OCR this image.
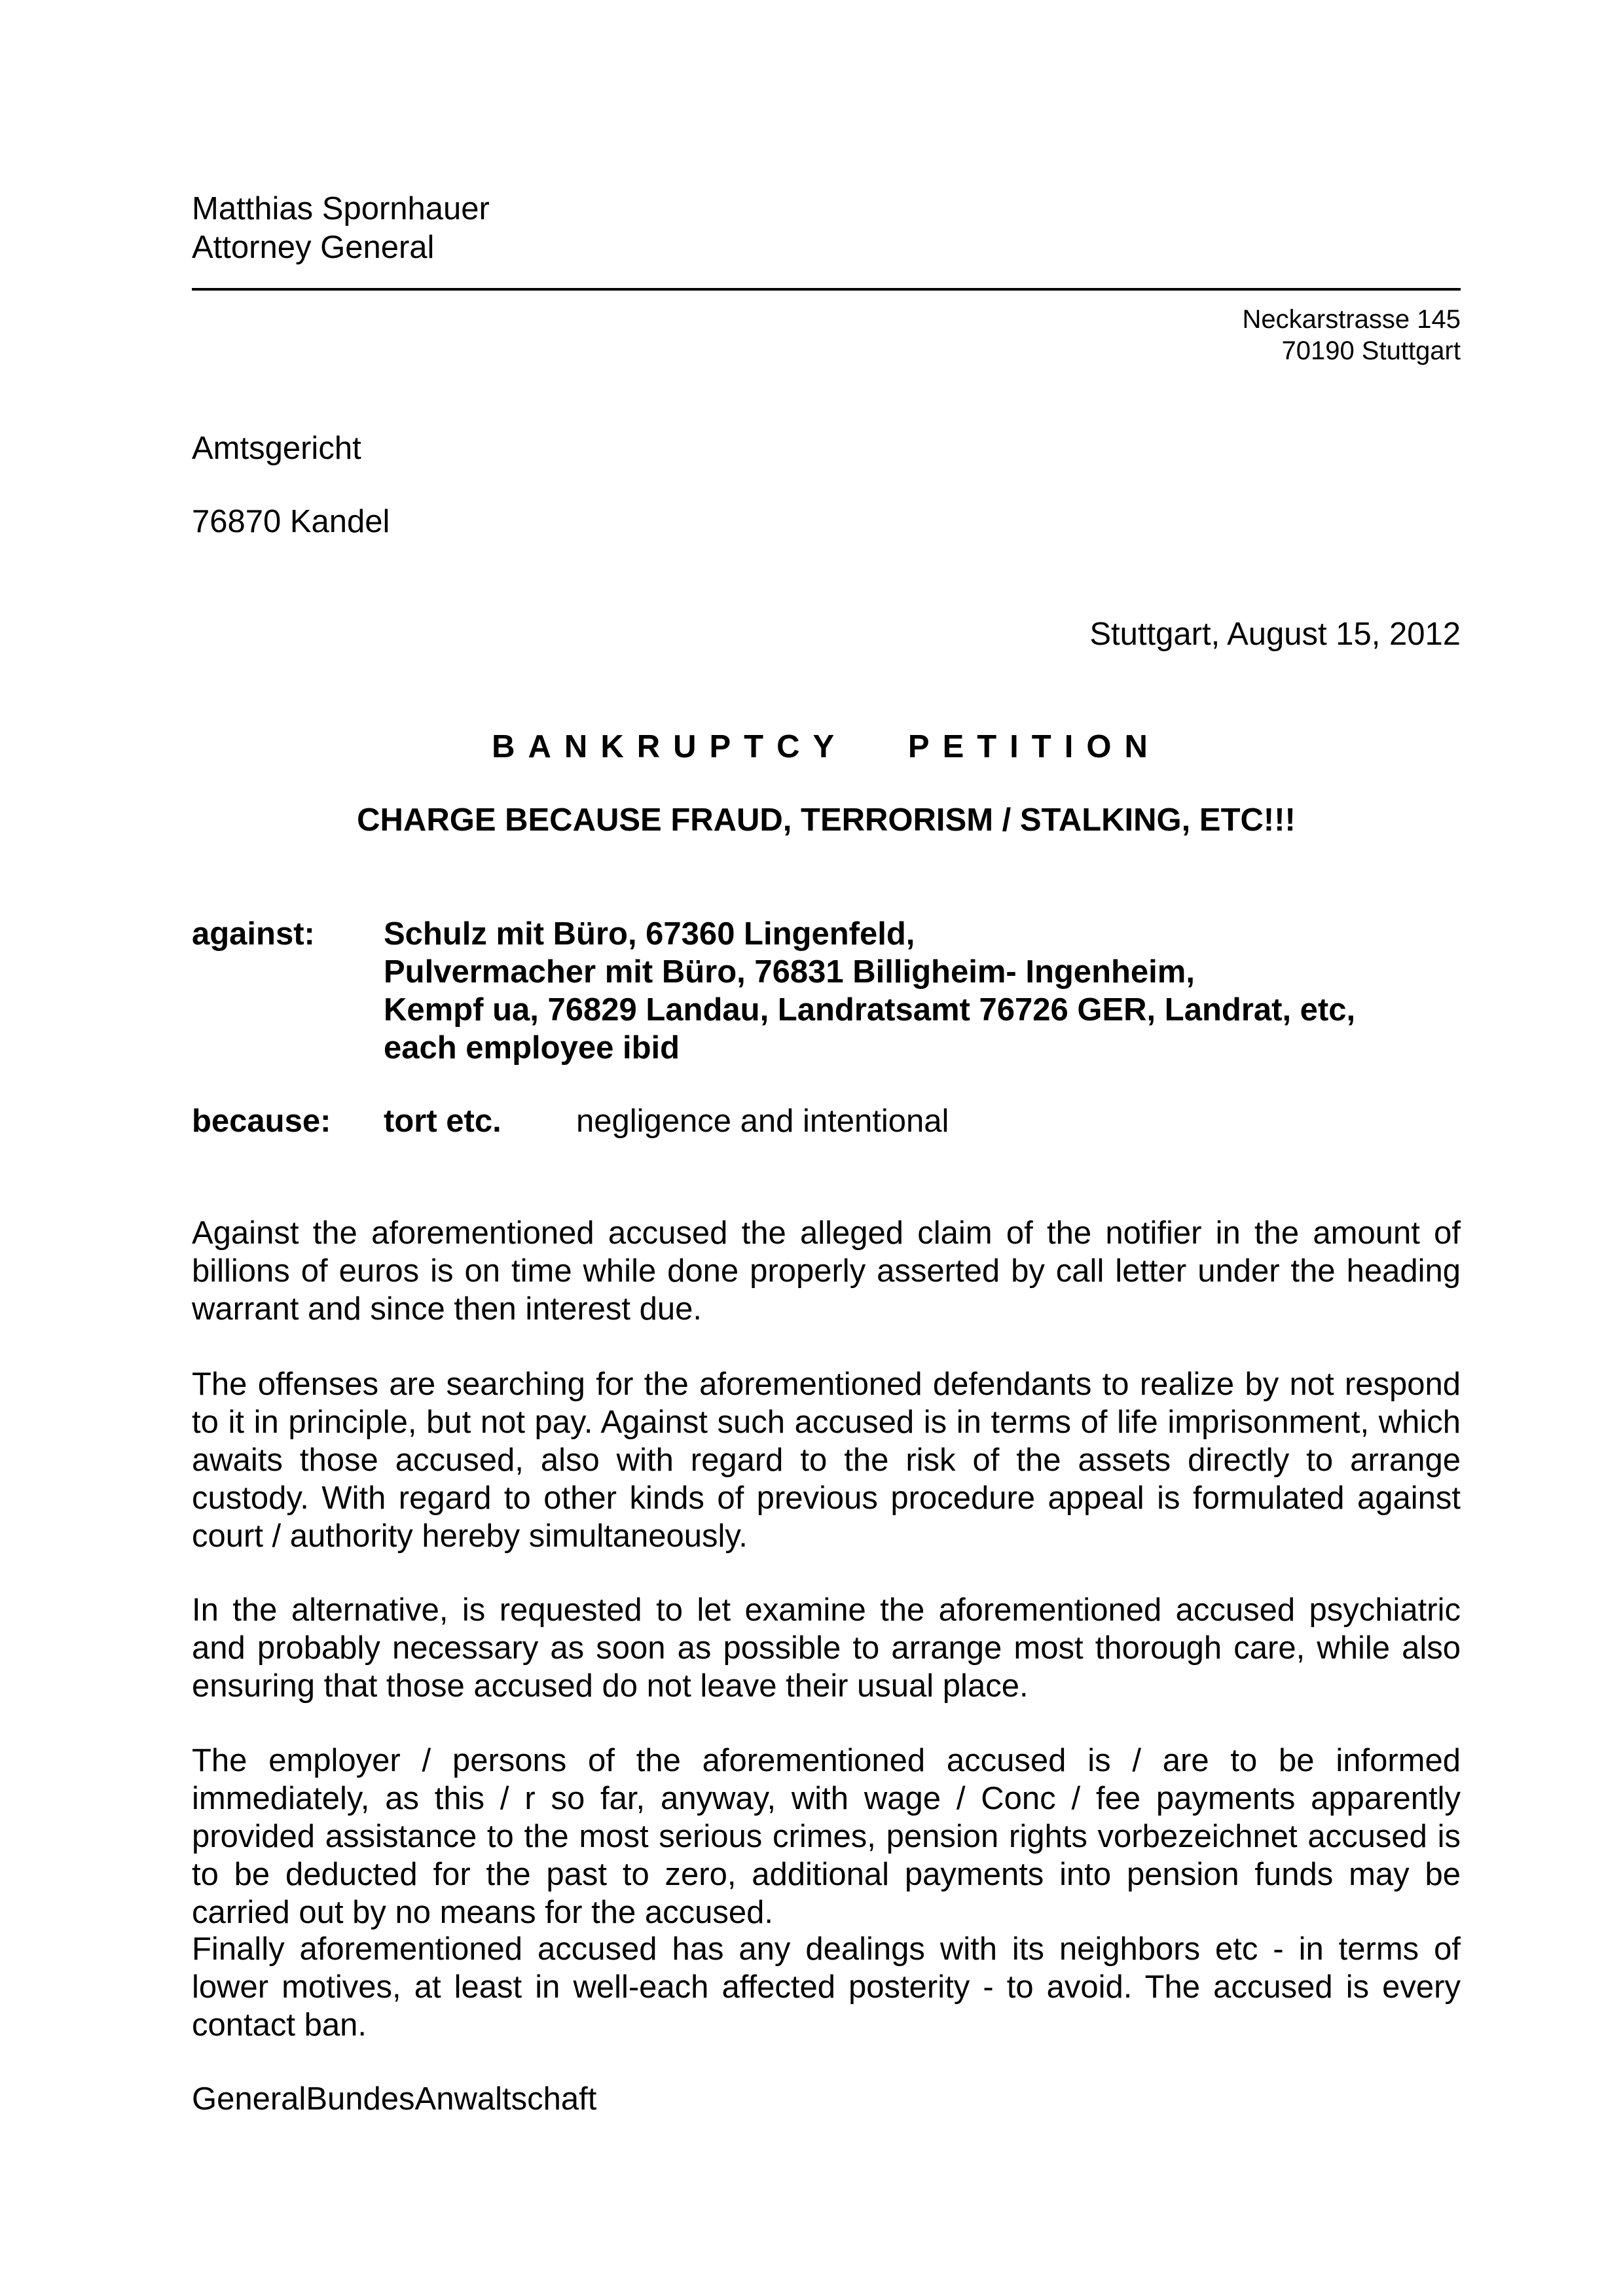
Matthias Spornhauer
Attorney General
Neckarstrasse 145
70190 Stuttgart
Amtsgericht
76870 Kandel
Stuttgart, August 15, 2012
BANKRUPTCY PETITION
CHARGE BECAUSE FRAUD, TERRORISM / STALKING, ETC!!!
against: Schulz mit Büro, 67360 Lingenfeld,
Pulvermacher mit Büro, 76831 Billigheim- Ingenheim,
Kempf ua, 76829 Landau, Landratsamt 76726 GER, Landrat, etc,
each employee ibid
because: tort etc. negligence and intentional

Against the aforementioned accused the alleged claim of the notifier in the amount of billions of euros is on time while done properly asserted by call letter under the heading warrant and since then interest due.

The offenses are searching for the aforementioned defendants to realize by not respond to it in principle, but not pay. Against such accused is in terms of life imprisonment, which awaits those accused, also with regard to the risk of the assets directly to arrange custody. With regard to other kinds of previous procedure appeal is formulated against court / authority hereby simultaneously.

In the alternative, is requested to let examine the aforementioned accused psychiatric and probably necessary as soon as possible to arrange most thorough care, while also ensuring that those accused do not leave their usual place.

The employer / persons of the aforementioned accused is / are to be informed immediately, as this / r so far, anyway, with wage / Conc / fee payments apparently provided assistance to the most serious crimes, pension rights vorbezeichnet accused is to be deducted for the past to zero, additional payments into pension funds may be carried out by no means for the accused.

Finally aforementioned accused has any dealings with its neighbors etc - in terms of lower motives, at least in well-each affected posterity - to avoid. The accused is every contact ban.

GeneralBundesAnwaltschaft
